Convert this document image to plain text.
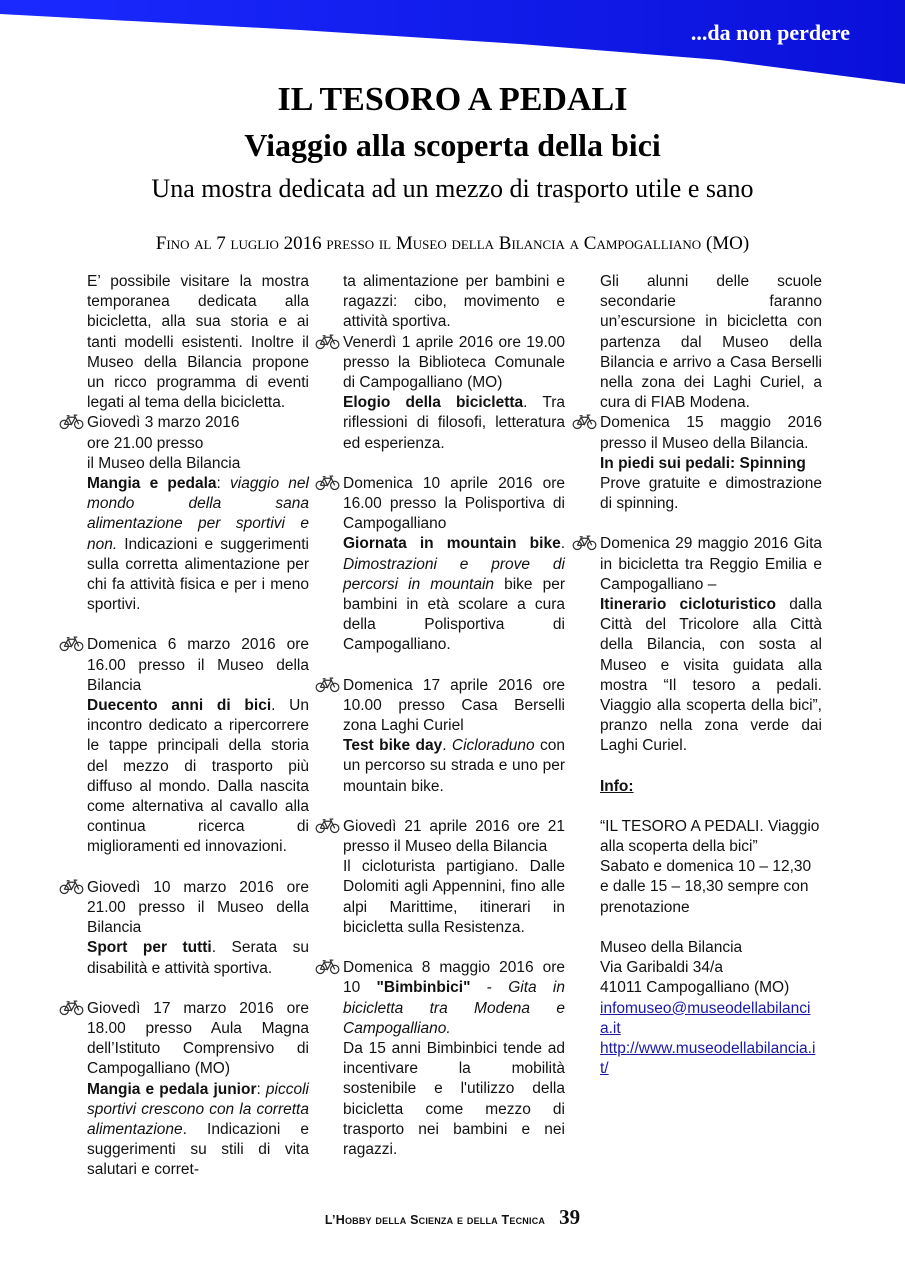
...da non perdere
IL TESORO A PEDALI
Viaggio alla scoperta della bici
Una mostra dedicata ad un mezzo di trasporto utile e sano
Fino al 7 luglio 2016 presso il Museo della Bilancia a Campogalliano (MO)

E’ possibile visitare la mostra temporanea dedicata alla bicicletta, alla sua storia e ai tanti modelli esistenti. Inoltre il Museo della Bilancia propone un ricco programma di eventi legati al tema della bicicletta.

Giovedì 3 marzo 2016
ore 21.00 presso
il Museo della Bilancia

Mangia e pedala: viaggio nel mondo della sana alimentazione per sportivi e non. Indicazioni e suggerimenti sulla corretta alimentazione per chi fa attività fisica e per i meno sportivi.

Domenica 6 marzo 2016 ore 16.00 presso il Museo della Bilancia

Duecento anni di bici. Un incontro dedicato a ripercorrere le tappe principali della storia del mezzo di trasporto più diffuso al mondo. Dalla nascita come alternativa al cavallo alla continua ricerca di miglioramenti ed innovazioni.

Giovedì 10 marzo 2016 ore 21.00 presso il Museo della Bilancia

Sport per tutti. Serata su disabilità e attività sportiva.

Giovedì 17 marzo 2016 ore 18.00 presso Aula Magna dell’Istituto Comprensivo di Campogalliano (MO)

Mangia e pedala junior: piccoli sportivi crescono con la corretta alimentazione. Indicazioni e suggerimenti su stili di vita salutari e corret-

ta alimentazione per bambini e ragazzi: cibo, movimento e attività sportiva.

Venerdì 1 aprile 2016 ore 19.00 presso la Biblioteca Comunale di Campogalliano (MO)

Elogio della bicicletta. Tra riflessioni di filosofi, letteratura ed esperienza.

Domenica 10 aprile 2016 ore 16.00 presso la Polisportiva di Campogalliano

Giornata in mountain bike. Dimostrazioni e prove di percorsi in mountain bike per bambini in età scolare a cura della Polisportiva di Campogalliano.

Domenica 17 aprile 2016 ore 10.00 presso Casa Berselli zona Laghi Curiel

Test bike day. Cicloraduno con un percorso su strada e uno per mountain bike.

Giovedì 21 aprile 2016 ore 21 presso il Museo della Bilancia

Il cicloturista partigiano. Dalle Dolomiti agli Appennini, fino alle alpi Marittime, itinerari in bicicletta sulla Resistenza.

Domenica 8 maggio 2016 ore 10 "Bimbinbici" - Gita in bicicletta tra Modena e Campogalliano.

Da 15 anni Bimbinbici tende ad incentivare la mobilità sostenibile e l'utilizzo della bicicletta come mezzo di trasporto nei bambini e nei ragazzi.

Gli alunni delle scuole secondarie faranno un’escursione in bicicletta con partenza dal Museo della Bilancia e arrivo a Casa Berselli nella zona dei Laghi Curiel, a cura di FIAB Modena.

Domenica 15 maggio 2016 presso il Museo della Bilancia.

In piedi sui pedali: Spinning

Prove gratuite e dimostrazione di spinning.

Domenica 29 maggio 2016 Gita in bicicletta tra Reggio Emilia e Campogalliano –

Itinerario cicloturistico dalla Città del Tricolore alla Città della Bilancia, con sosta al Museo e visita guidata alla mostra “Il tesoro a pedali. Viaggio alla scoperta della bici”, pranzo nella zona verde dai Laghi Curiel.

Info:

“IL TESORO A PEDALI. Viaggio alla scoperta della bici”

Sabato e domenica 10 – 12,30 e dalle 15 – 18,30 sempre con prenotazione

Museo della Bilancia

Via Garibaldi 34/a

41011 Campogalliano (MO)

infomuseo@museodellabilancia.it

http://www.museodellabilancia.it/

L’Hobby della Scienza e della Tecnica 39
